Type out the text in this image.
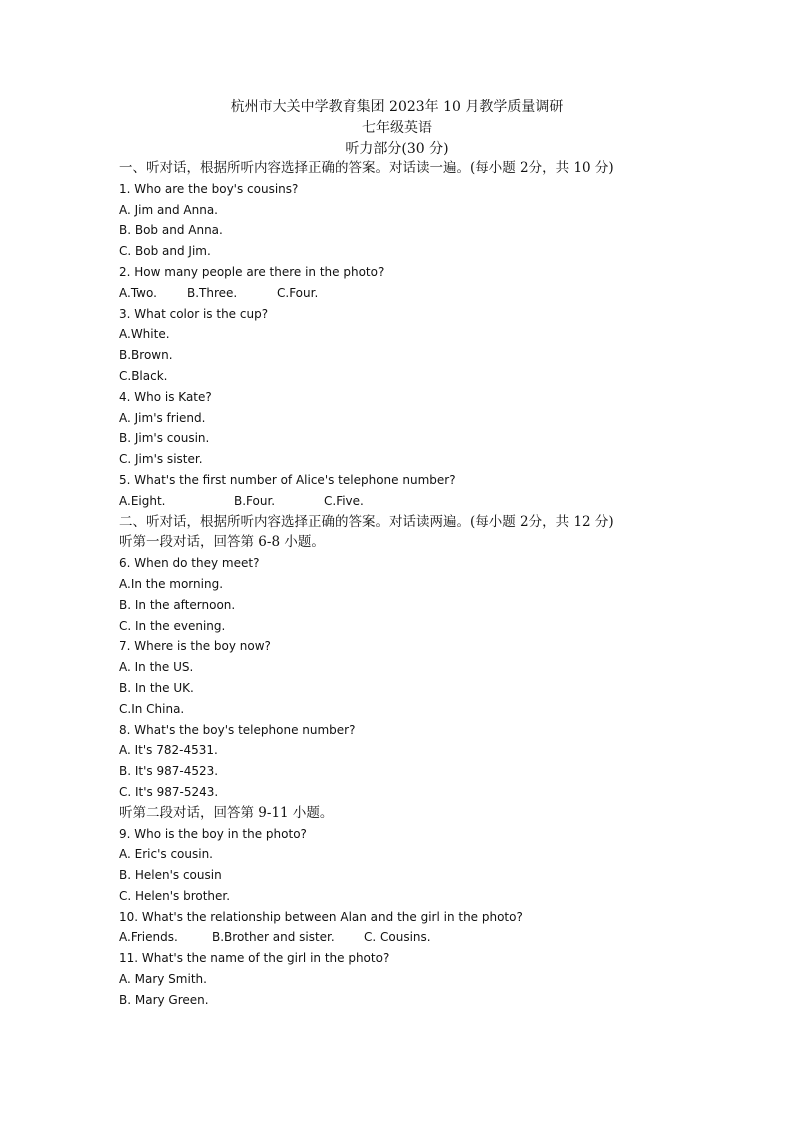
杭州市大关中学教育集团 2023年 10 月教学质量调研
七年级英语
听力部分(30 分)
一、听对话，根据所听内容选择正确的答案。对话读一遍。(每小题 2分，共 10 分)
1. Who are the boy's cousins?
A. Jim and Anna.
B. Bob and Anna.
C. Bob and Jim.
2. How many people are there in the photo?
A.Two.	B.Three.	C.Four.
3. What color is the cup?
A.White.
B.Brown.
C.Black.
4. Who is Kate?
A. Jim's friend.
B. Jim's cousin.
C. Jim's sister.
5. What's the first number of Alice's telephone number?
A.Eight.	B.Four.	C.Five.
二、听对话，根据所听内容选择正确的答案。对话读两遍。(每小题 2分，共 12 分)
听第一段对话，回答第 6-8 小题。
6. When do they meet?
A.In the morning.
B. In the afternoon.
C. In the evening.
7. Where is the boy now?
A. In the US.
B. In the UK.
C.In China.
8. What's the boy's telephone number?
A. It's 782-4531.
B. It's 987-4523.
C. It's 987-5243.
听第二段对话，回答第 9-11 小题。
9. Who is the boy in the photo?
A. Eric's cousin.
B. Helen's cousin
C. Helen's brother.
10. What's the relationship between Alan and the girl in the photo?
A.Friends.	B.Brother and sister. C. Cousins.
11. What's the name of the girl in the photo?
A. Mary Smith.
B. Mary Green.
